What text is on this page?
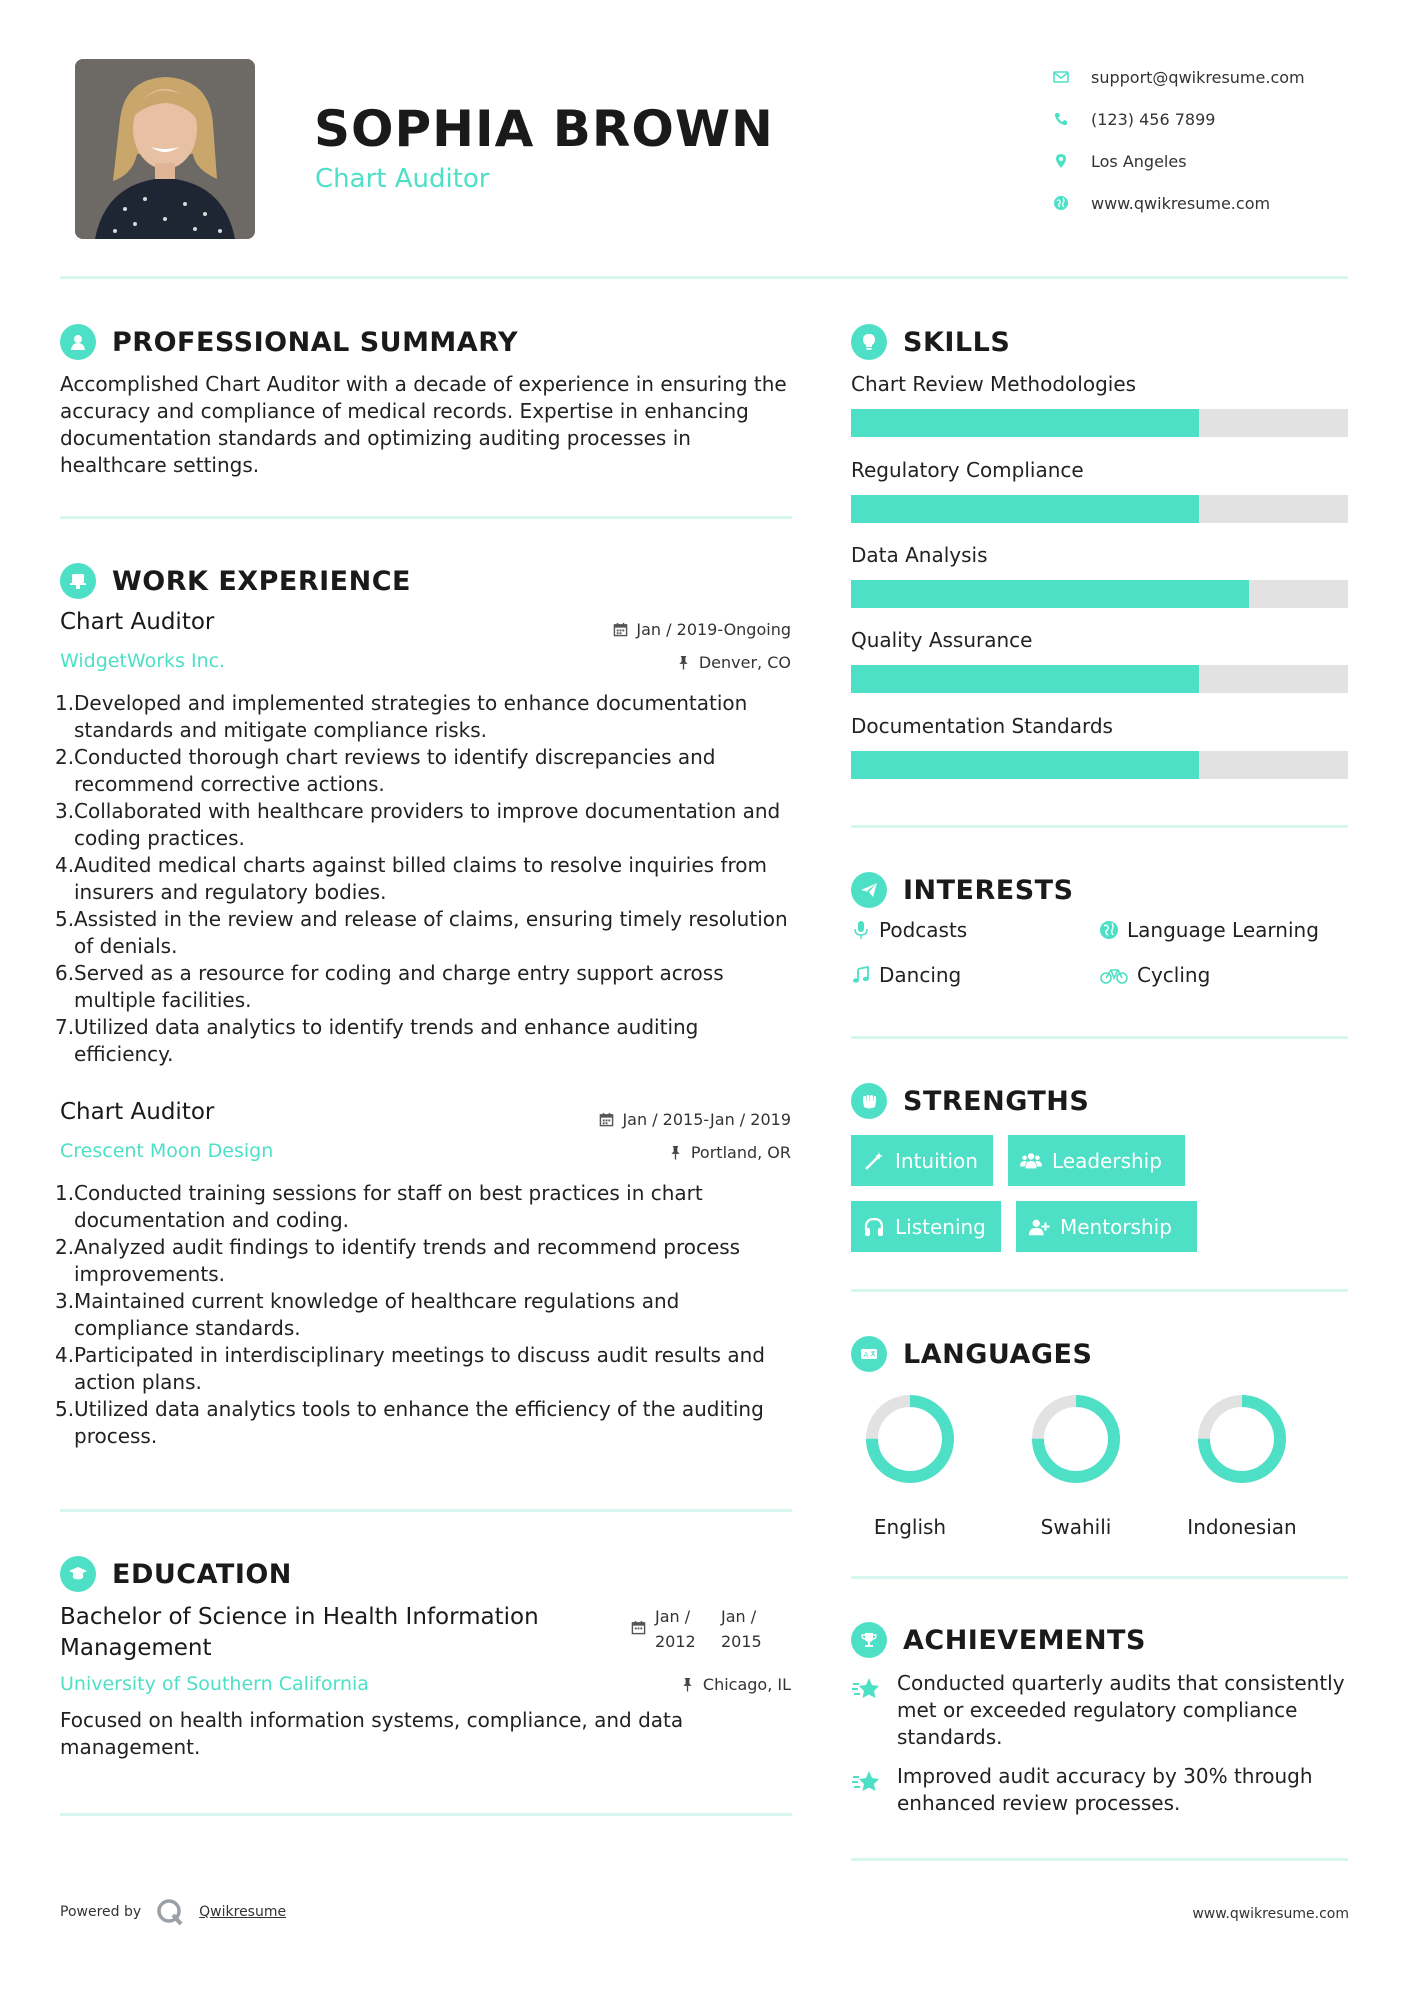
SOPHIA BROWN
Chart Auditor
support@qwikresume.com
(123) 456 7899
Los Angeles
www.qwikresume.com
PROFESSIONAL SUMMARY
Accomplished Chart Auditor with a decade of experience in ensuring the accuracy and compliance of medical records. Expertise in enhancing documentation standards and optimizing auditing processes in healthcare settings.
WORK EXPERIENCE
Chart Auditor
WidgetWorks Inc.
Jan / 2019-Ongoing
Denver, CO
1. Developed and implemented strategies to enhance documentation standards and mitigate compliance risks.
2. Conducted thorough chart reviews to identify discrepancies and recommend corrective actions.
3. Collaborated with healthcare providers to improve documentation and coding practices.
4. Audited medical charts against billed claims to resolve inquiries from insurers and regulatory bodies.
5. Assisted in the review and release of claims, ensuring timely resolution of denials.
6. Served as a resource for coding and charge entry support across multiple facilities.
7. Utilized data analytics to identify trends and enhance auditing efficiency.
Chart Auditor
Crescent Moon Design
Jan / 2015-Jan / 2019
Portland, OR
1. Conducted training sessions for staff on best practices in chart documentation and coding.
2. Analyzed audit findings to identify trends and recommend process improvements.
3. Maintained current knowledge of healthcare regulations and compliance standards.
4. Participated in interdisciplinary meetings to discuss audit results and action plans.
5. Utilized data analytics tools to enhance the efficiency of the auditing process.
EDUCATION
Bachelor of Science in Health Information
Management
University of Southern California
Jan /
2012
Jan /
2015
Chicago, IL
Focused on health information systems, compliance, and data management.
SKILLS
Chart Review Methodologies
Regulatory Compliance
Data Analysis
Quality Assurance
Documentation Standards
INTERESTS
Podcasts	Language Learning
Dancing	Cycling
STRENGTHS
Intuition	Leadership
Listening	Mentorship
A LANGUAGES
English	Swahili	Indonesian
ACHIEVEMENTS
Conducted quarterly audits that consistently met or exceeded regulatory compliance standards.
Improved audit accuracy by 30% through enhanced review processes.
Powered by	Qwikresume	www.qwikresume.com
